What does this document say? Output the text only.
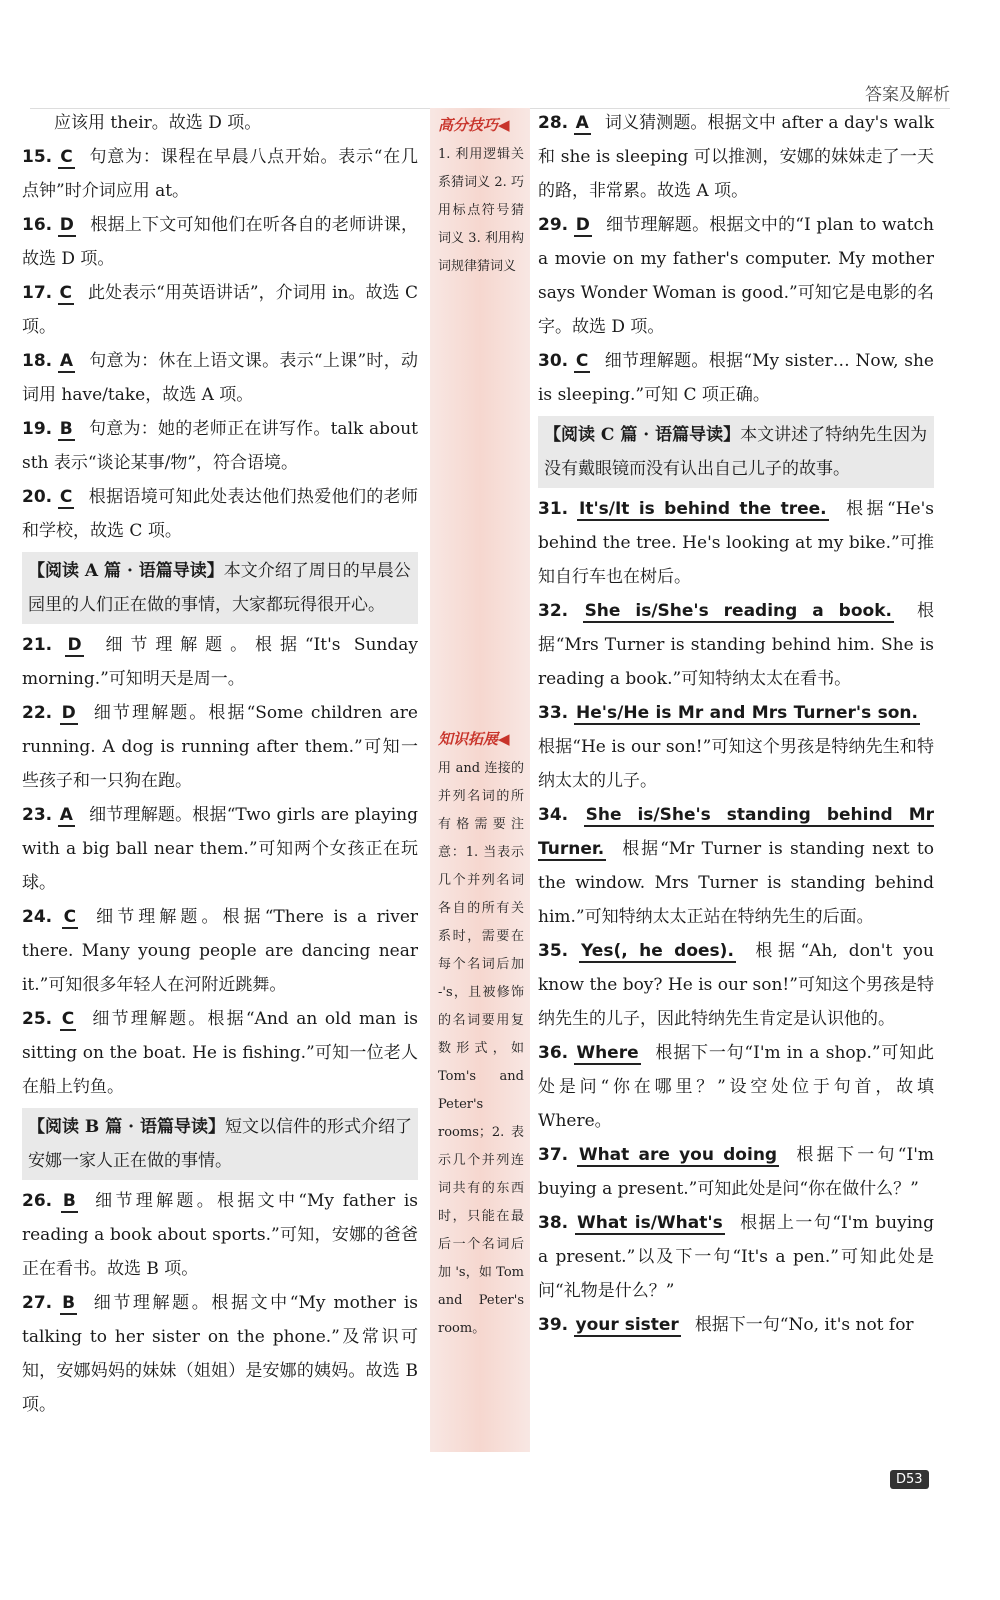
答案及解析
应该用 their。故选 D 项。
15. C 句意为：课程在早晨八点开始。表示“在几点钟”时介词应用 at。
16. D 根据上下文可知他们在听各自的老师讲课，故选 D 项。
17. C 此处表示“用英语讲话”，介词用 in。故选 C 项。
18. A 句意为：休在上语文课。表示“上课”时，动词用 have/take，故选 A 项。
19. B 句意为：她的老师正在讲写作。talk about sth 表示“谈论某事/物”，符合语境。
20. C 根据语境可知此处表达他们热爱他们的老师和学校，故选 C 项。
【阅读 A 篇 · 语篇导读】本文介绍了周日的早晨公园里的人们正在做的事情，大家都玩得很开心。
21. D 细节理解题。根据“It's Sunday morning.”可知明天是周一。
22. D 细节理解题。根据“Some children are running. A dog is running after them.”可知一些孩子和一只狗在跑。
23. A 细节理解题。根据“Two girls are playing with a big ball near them.”可知两个女孩正在玩球。
24. C 细节理解题。根据“There is a river there. Many young people are dancing near it.”可知很多年轻人在河附近跳舞。
25. C 细节理解题。根据“And an old man is sitting on the boat. He is fishing.”可知一位老人在船上钓鱼。
【阅读 B 篇 · 语篇导读】短文以信件的形式介绍了安娜一家人正在做的事情。
26. B 细节理解题。根据文中“My father is reading a book about sports.”可知，安娜的爸爸正在看书。故选 B 项。
27. B 细节理解题。根据文中“My mother is talking to her sister on the phone.”及常识可知，安娜妈妈的妹妹（姐姐）是安娜的姨妈。故选 B 项。
高分技巧◀
1. 利用逻辑关系猜词义 2. 巧用标点符号猜词义 3. 利用构词规律猜词义
知识拓展◀
用 and 连接的并列名词的所有格需要注意：1. 当表示几个并列名词各自的所有关系时，需要在每个名词后加 -'s，且被修饰的名词要用复数形式，如 Tom's and Peter's rooms；2. 表示几个并列连词共有的东西时，只能在最后一个名词后加 's，如 Tom and Peter's room。
28. A 词义猜测题。根据文中 after a day's walk 和 she is sleeping 可以推测，安娜的妹妹走了一天的路，非常累。故选 A 项。
29. D 细节理解题。根据文中的“I plan to watch a movie on my father's computer. My mother says Wonder Woman is good.”可知它是电影的名字。故选 D 项。
30. C 细节理解题。根据“My sister… Now, she is sleeping.”可知 C 项正确。
【阅读 C 篇 · 语篇导读】本文讲述了特纳先生因为没有戴眼镜而没有认出自己儿子的故事。
31. It's/It is behind the tree. 根据“He's behind the tree. He's looking at my bike.”可推知自行车也在树后。
32. She is/She's reading a book. 根据“Mrs Turner is standing behind him. She is reading a book.”可知特纳太太在看书。
33. He's/He is Mr and Mrs Turner's son.根据“He is our son!”可知这个男孩是特纳先生和特纳太太的儿子。
34. She is/She's standing behind Mr Turner. 根据“Mr Turner is standing next to the window. Mrs Turner is standing behind him.”可知特纳太太正站在特纳先生的后面。
35. Yes(, he does). 根据“Ah, don't you know the boy? He is our son!”可知这个男孩是特纳先生的儿子，因此特纳先生肯定是认识他的。
36. Where 根据下一句“I'm in a shop.”可知此处是问“你在哪里？”设空处位于句首，故填 Where。
37. What are you doing 根据下一句“I'm buying a present.”可知此处是问“你在做什么？”
38. What is/What's 根据上一句“I'm buying a present.”以及下一句“It's a pen.”可知此处是问“礼物是什么？”
39. your sister 根据下一句“No, it's not for
D53
